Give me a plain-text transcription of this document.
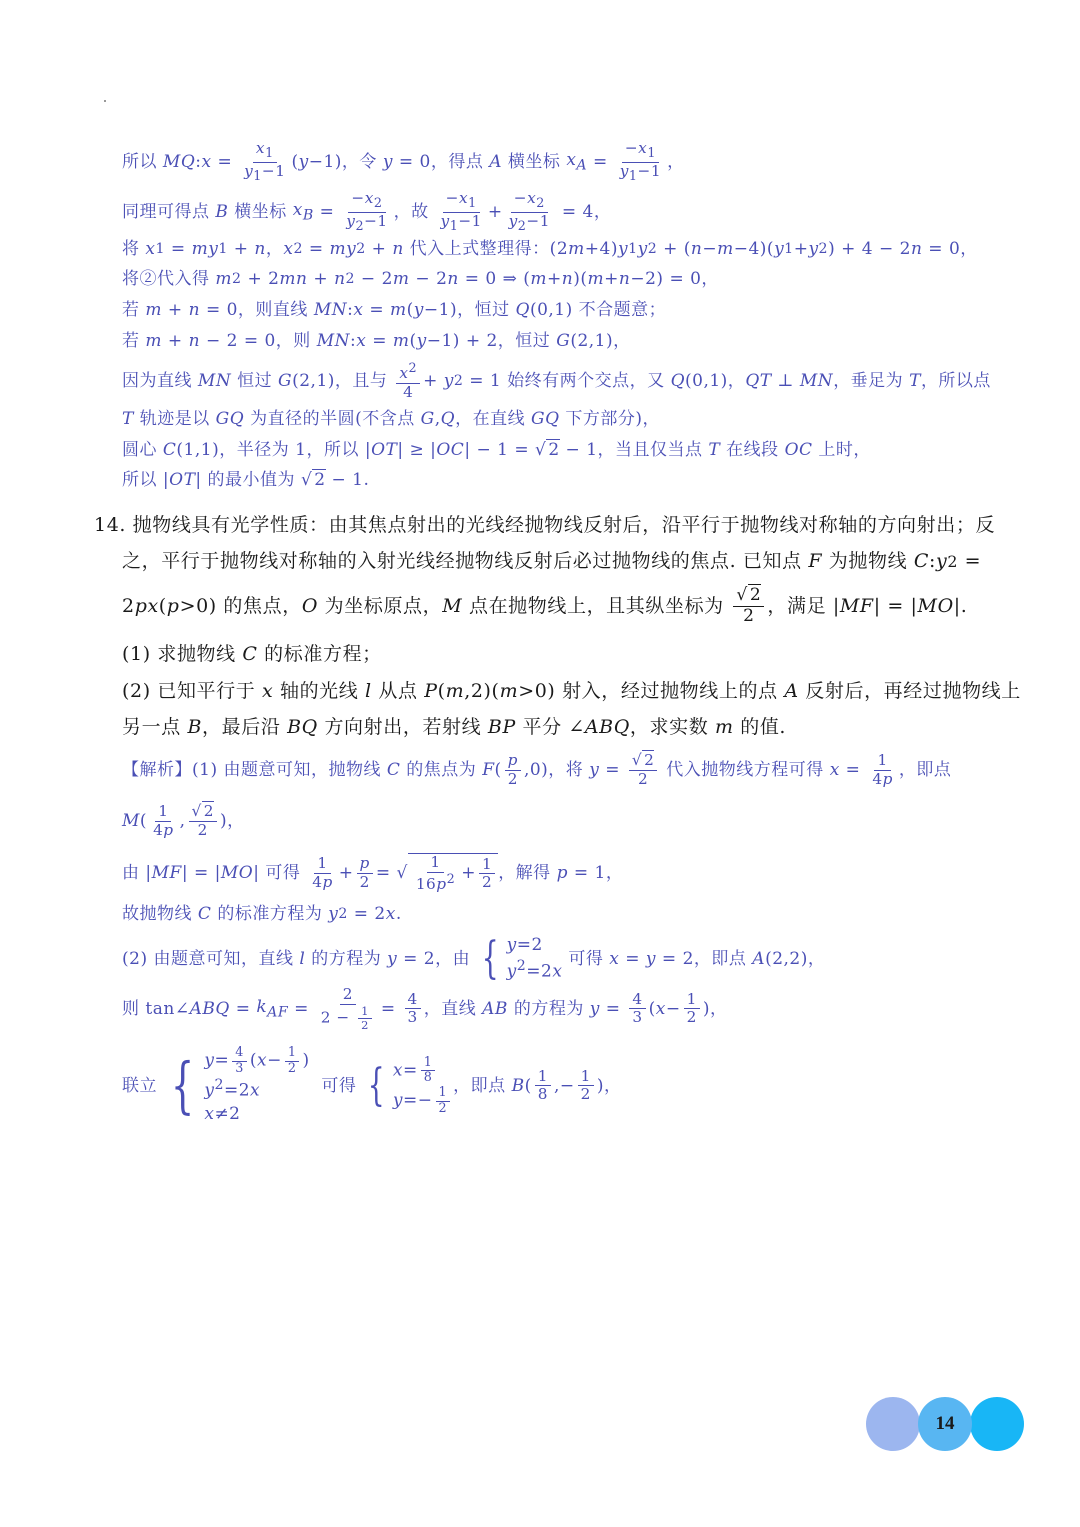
所以 MQ : $x = \frac{x_1}{y_1-1}$ ( y −1)，令 y = 0，得点 A 横坐标 $x_A = \frac{-x_1}{y_1-1}$ ，
同理可得点 B 横坐标 $x_B = \frac{-x_2}{y_2-1}$ ，故 $\frac{-x_1}{y_1-1} + \frac{-x_2}{y_2-1} = 4$，
将 x 1 = my 1 + n ， x 2 = my 2 + n 代入上式整理得：(2 m +4) y 1 y 2 + ( n − m −4)( y 1 + y 2 ) + 4 − 2 n = 0，
将②代入得 m 2 + 2 mn + n 2 − 2 m − 2 n = 0 ⇒ ( m + n )( m + n −2) = 0，
若 m + n = 0，则直线 MN : x = m ( y −1)，恒过 Q (0,1) 不合题意；
若 m + n − 2 = 0，则 MN : x = m ( y −1) + 2，恒过 G (2,1)，
因为直线 MN 恒过 G (2,1)，且与 $\frac{x^2}{4} + y$ 2 = 1 始终有两个交点，又 Q (0,1)， QT ⊥ MN ，垂足为 T ，所以点
T 轨迹是以 GQ 为直径的半圆(不含点 G , Q ，在直线 GQ 下方部分)，
圆心 C (1,1)，半径为 1，所以 | OT | ≥ | OC | − 1 = √ 2 − 1，当且仅当点 T 在线段 OC 上时，
所以 | OT | 的最小值为 √ 2 − 1.
14. 抛物线具有光学性质：由其焦点射出的光线经抛物线反射后，沿平行于抛物线对称轴的方向射出；反
之，平行于抛物线对称轴的入射光线经抛物线反射后必过抛物线的焦点. 已知点 F 为抛物线 C : y 2 =
2 px ( p >0) 的焦点， O 为坐标原点， M 点在抛物线上，且其纵坐标为 $\frac{√ 2}{2}$ ，满足 | MF | = | MO |.
(1) 求抛物线 C 的标准方程；
(2) 已知平行于 x 轴的光线 l 从点 P ( m ,2)( m >0) 射入，经过抛物线上的点 A 反射后，再经过抛物线上
另一点 B ，最后沿 BQ 方向射出，若射线 BP 平分 ∠ ABQ ，求实数 m 的值.
【解析】 (1) 由题意可知，抛物线 C 的焦点为 F ( $\frac{p}{2} ,0$)，将 $y = \frac{√ 2}{2}$ 代入抛物线方程可得 $x = \frac{1}{4p}$ ，即点
M ( $\frac{1}{4p}$ , $\frac{√ 2}{2}$ )，
由 | MF | = | MO | 可得 $\frac{1}{4p} + \frac{p}{2}$ = √ $\frac{1}{16p^2} + \frac{1}{2}$ ，解得 p = 1，
故抛物线 C 的标准方程为 y 2 = 2 x .
(2) 由题意可知，直线 l 的方程为 y = 2，由 { y=2
$y^2=2x$
可得 x = y = 2，即点 A (2,2)，
则 tan∠ ABQ = $k_{AF} = \frac{2}{2 - \frac{1}{2}} = \frac{4}{3}$ ，直线 AB 的方程为 $y = \frac{4}{3}$ ( $x - \frac{1}{2}$ )，
联立 { $y= \frac{4}{3} (x- \frac{1}{2}$ )
$y^2=2x$
x≠2
可得 { $x= \frac{1}{8}$
$y=- \frac{1}{2}$
，即点 B ( $\frac{1}{8}$ ,− $\frac{1}{2}$ )，
14
